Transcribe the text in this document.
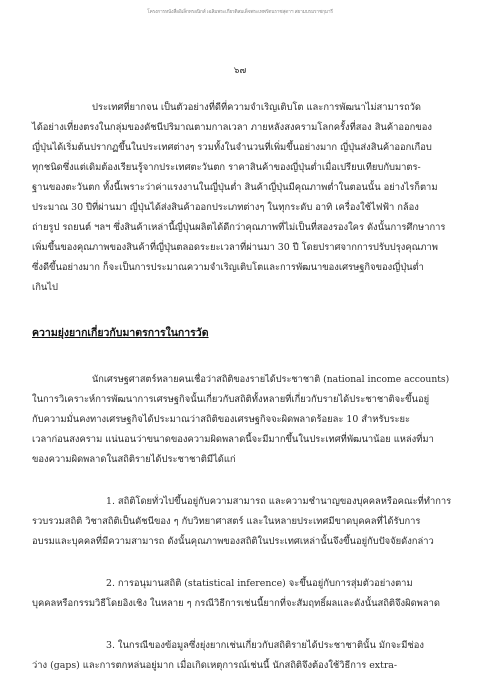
โครงการหนังสืออิเล็กทรอนิกส์ เฉลิมพระเกียรติสมเด็จพระเทพรัตนราชสุดาฯ สยามบรมราชกุมารี
๖๗
ประเทศที่ยากจน เป็นตัวอย่างที่ดีที่ความจำเริญเติบโต และการพัฒนาไม่สามารถวัด
ได้อย่างเที่ยงตรงในกลุ่มของดัชนีปริมาณตามกาลเวลา ภายหลังสงครามโลกครั้งที่สอง สินค้าออกของ
ญี่ปุ่นได้เริ่มต้นปรากฏขึ้นในประเทศต่างๆ รวมทั้งในจำนวนที่เพิ่มขึ้นอย่างมาก ญี่ปุ่นส่งสินค้าออกเกือบ
ทุกชนิดซึ่งแต่เดิมต้องเรียนรู้จากประเทศตะวันตก ราคาสินค้าของญี่ปุ่นต่ำเมื่อเปรียบเทียบกับมาตร-
ฐานของตะวันตก ทั้งนี้เพราะว่าค่าแรงงานในญี่ปุ่นต่ำ สินค้าญี่ปุ่นมีคุณภาพต่ำในตอนนั้น อย่างไรก็ตาม
ประมาณ 30 ปีที่ผ่านมา ญี่ปุ่นได้ส่งสินค้าออกประเภทต่างๆ ในทุกระดับ อาทิ เครื่องใช้ไฟฟ้า กล้อง
ถ่ายรูป รถยนต์ ฯลฯ ซึ่งสินค้าเหล่านี้ญี่ปุ่นผลิตได้ดีกว่าคุณภาพที่ไม่เป็นที่สองรองใคร ดังนั้นการศึกษาการ
เพิ่มขึ้นของคุณภาพของสินค้าที่ญี่ปุ่นตลอดระยะเวลาที่ผ่านมา 30 ปี โดยปราศจากการปรับปรุงคุณภาพ
ซึ่งดีขึ้นอย่างมาก ก็จะเป็นการประมาณความจำเริญเติบโตและการพัฒนาของเศรษฐกิจของญี่ปุ่นต่ำ
เกินไป
ความยุ่งยากเกี่ยวกับมาตรการในการวัด
นักเศรษฐศาสตร์หลายคนเชื่อว่าสถิติของรายได้ประชาชาติ (national income accounts)
ในการวิเคราะห์การพัฒนาการเศรษฐกิจนั้นเกี่ยวกับสถิติทั้งหลายที่เกี่ยวกับรายได้ประชาชาติจะขึ้นอยู่
กับความมั่นคงทางเศรษฐกิจได้ประมาณว่าสถิติของเศรษฐกิจจะผิดพลาดร้อยละ 10 สำหรับระยะ
เวลาก่อนสงคราม แน่นอนว่าขนาดของความผิดพลาดนี้จะมีมากขึ้นในประเทศที่พัฒนาน้อย แหล่งที่มา
ของความผิดพลาดในสถิติรายได้ประชาชาติมีได้แก่
1. สถิติโดยทั่วไปขึ้นอยู่กับความสามารถ และความชำนาญของบุคคลหรือคณะที่ทำการ
รวบรวมสถิติ วิชาสถิติเป็นดัชนีของ ๆ กับวิทยาศาสตร์ และในหลายประเทศมีขาดบุคคลที่ได้รับการ
อบรมและบุคคลที่มีความสามารถ ดังนั้นคุณภาพของสถิติในประเทศเหล่านั้นจึงขึ้นอยู่กับปัจจัยดังกล่าว
2. การอนุมานสถิติ (statistical inference) จะขึ้นอยู่กับการสุ่มตัวอย่างตาม
บุคคลหรือกรรมวิธีโดยอิงเชิง ในหลาย ๆ กรณีวิธีการเช่นนี้ยากที่จะสัมฤทธิ์ผลและดังนั้นสถิติจึงผิดพลาด
3. ในกรณีของข้อมูลซึ่งยุ่งยากเช่นเกี่ยวกับสถิติรายได้ประชาชาตินั้น มักจะมีช่อง
ว่าง (gaps) และการตกหล่นอยู่มาก เมื่อเกิดเหตุการณ์เช่นนี้ นักสถิติจึงต้องใช้วิธีการ extra-
